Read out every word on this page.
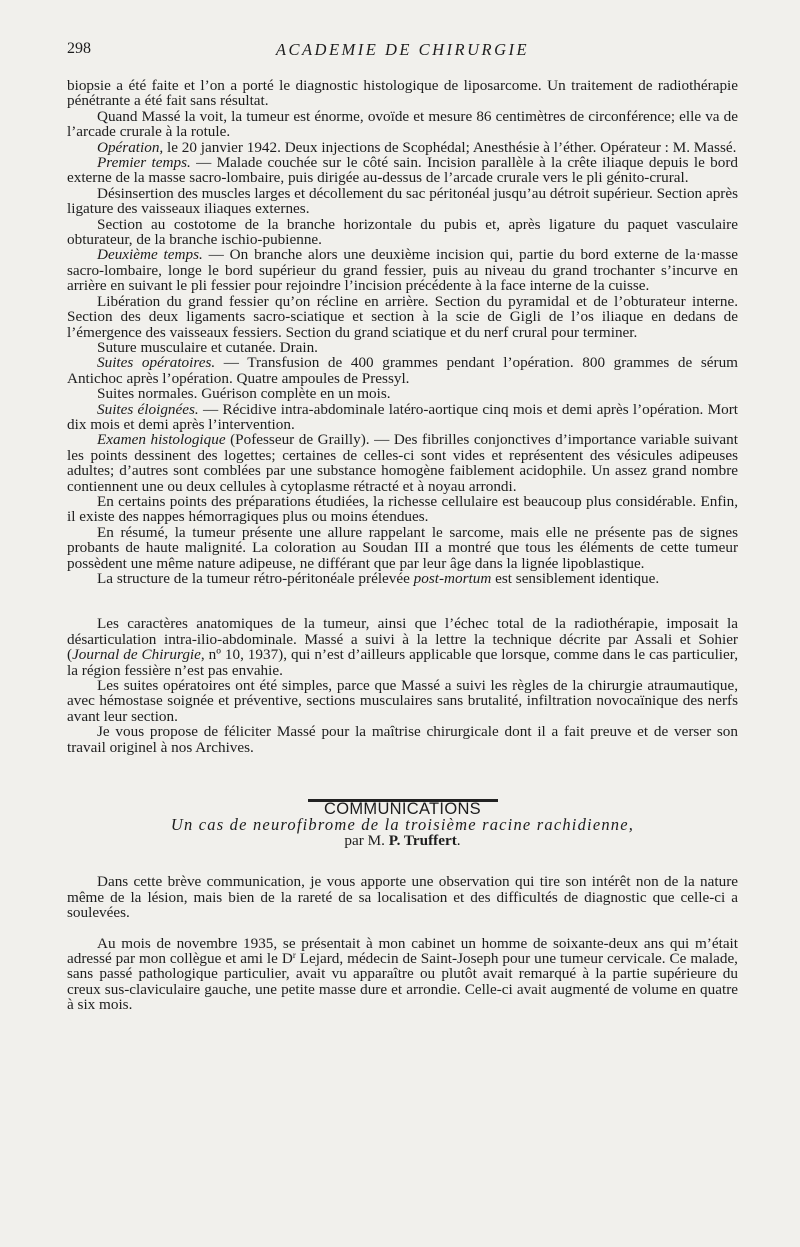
298	ACADEMIE DE CHIRURGIE

biopsie a été faite et l’on a porté le diagnostic histologique de liposarcome. Un traitement de radiothérapie pénétrante a été fait sans résultat.

Quand Massé la voit, la tumeur est énorme, ovoïde et mesure 86 centimètres de circonférence; elle va de l’arcade crurale à la rotule.

Opération, le 20 janvier 1942. Deux injections de Scophédal; Anesthésie à l’éther. Opérateur : M. Massé.

Premier temps. — Malade couchée sur le côté sain. Incision parallèle à la crête iliaque depuis le bord externe de la masse sacro-lombaire, puis dirigée au-dessus de l’arcade crurale vers le pli génito-crural.

Désinsertion des muscles larges et décollement du sac péritonéal jusqu’au détroit supérieur. Section après ligature des vaisseaux iliaques externes.

Section au costotome de la branche horizontale du pubis et, après ligature du paquet vasculaire obturateur, de la branche ischio-pubienne.

Deuxième temps. — On branche alors une deuxième incision qui, partie du bord externe de la·masse sacro-lombaire, longe le bord supérieur du grand fessier, puis au niveau du grand trochanter s’incurve en arrière en suivant le pli fessier pour rejoindre l’incision précédente à la face interne de la cuisse.

Libération du grand fessier qu’on récline en arrière. Section du pyramidal et de l’obturateur interne. Section des deux ligaments sacro-sciatique et section à la scie de Gigli de l’os iliaque en dedans de l’émergence des vaisseaux fessiers. Section du grand sciatique et du nerf crural pour terminer.

Suture musculaire et cutanée. Drain.

Suites opératoires. — Transfusion de 400 grammes pendant l’opération. 800 grammes de sérum Antichoc après l’opération. Quatre ampoules de Pressyl.

Suites normales. Guérison complète en un mois.

Suites éloignées. — Récidive intra-abdominale latéro-aortique cinq mois et demi après l’opération. Mort dix mois et demi après l’intervention.

Examen histologique (Pofesseur de Grailly). — Des fibrilles conjonctives d’importance variable suivant les points dessinent des logettes; certaines de celles-ci sont vides et représentent des vésicules adipeuses adultes; d’autres sont comblées par une substance homogène faiblement acidophile. Un assez grand nombre contiennent une ou deux cellules à cytoplasme rétracté et à noyau arrondi.

En certains points des préparations étudiées, la richesse cellulaire est beaucoup plus considérable. Enfin, il existe des nappes hémorragiques plus ou moins étendues.

En résumé, la tumeur présente une allure rappelant le sarcome, mais elle ne présente pas de signes probants de haute malignité. La coloration au Soudan III a montré que tous les éléments de cette tumeur possèdent une même nature adipeuse, ne différant que par leur âge dans la lignée lipoblastique.

La structure de la tumeur rétro-péritonéale prélevée post-mortum est sensiblement identique.

Les caractères anatomiques de la tumeur, ainsi que l’échec total de la radiothérapie, imposait la désarticulation intra-ilio-abdominale. Massé a suivi à la lettre la technique décrite par Assali et Sohier (Journal de Chirurgie, nº 10, 1937), qui n’est d’ailleurs applicable que lorsque, comme dans le cas particulier, la région fessière n’est pas envahie.

Les suites opératoires ont été simples, parce que Massé a suivi les règles de la chirurgie atraumautique, avec hémostase soignée et préventive, sections musculaires sans brutalité, infiltration novocaïnique des nerfs avant leur section.

Je vous propose de féliciter Massé pour la maîtrise chirurgicale dont il a fait preuve et de verser son travail originel à nos Archives.

COMMUNICATIONS

Un cas de neurofibrome de la troisième racine rachidienne,

par M. P. Truffert.

Dans cette brève communication, je vous apporte une observation qui tire son intérêt non de la nature même de la lésion, mais bien de la rareté de sa localisation et des difficultés de diagnostic que celle-ci a soulevées.

Au mois de novembre 1935, se présentait à mon cabinet un homme de soixante-deux ans qui m’était adressé par mon collègue et ami le $D^r$ Lejard, médecin de Saint-Joseph pour une tumeur cervicale. Ce malade, sans passé pathologique particulier, avait vu apparaître ou plutôt avait remarqué à la partie supérieure du creux sus-claviculaire gauche, une petite masse dure et arrondie. Celle-ci avait augmenté de volume en quatre à six mois.
